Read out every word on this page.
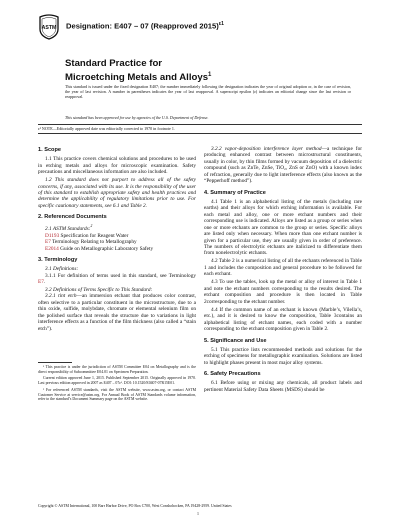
ASTM Designation: E407 – 07 (Reapproved 2015)$^{\varepsilon 1}$
Standard Practice for
Microetching Metals and Alloys$^1$

This standard is issued under the fixed designation E407; the number immediately following the designation indicates the year of original adoption or, in the case of revision, the year of last revision. A number in parentheses indicates the year of last reapproval. A superscript epsilon (ε) indicates an editorial change since the last revision or reapproval.

This standard has been approved for use by agencies of the U.S. Department of Defense.

ε¹ NOTE—Editorially approved date was editorially corrected to 1970 in footnote 1.

1. Scope

1.1 This practice covers chemical solutions and procedures to be used in etching metals and alloys for microscopic examination. Safety precautions and miscellaneous information are also included.

1.2 This standard does not purport to address all of the safety concerns, if any, associated with its use. It is the responsibility of the user of this standard to establish appropriate safety and health practices and determine the applicability of regulatory limitations prior to use. For specific cautionary statements, see 6.1 and Table 2.

2. Referenced Documents

2.1 ASTM Standards:$^2$

D1193 Specification for Reagent Water

E7 Terminology Relating to Metallography

E2014 Guide on Metallographic Laboratory Safety

3. Terminology

3.1 Definitions:

3.1.1 For definition of terms used in this standard, see Terminology E7.

3.2 Definitions of Terms Specific to This Standard:

3.2.1 tint etch—an immersion etchant that produces color contrast, often selective to a particular constituent in the microstructure, due to a thin oxide, sulfide, molybdate, chromate or elemental selenium film on the polished surface that reveals the structure due to variations in light interference effects as a function of the film thickness (also called a “stain etch”).

¹ This practice is under the jurisdiction of ASTM Committee E04 on Metallography and is the direct responsibility of Subcommittee E04.01 on Specimen Preparation.

Current edition approved June 1, 2015. Published September 2015. Originally approved in 1970. Last previous edition approved in 2007 as E407 – 07ε¹. DOI: 10.1520/E0407-07R15E01.

² For referenced ASTM standards, visit the ASTM website, www.astm.org, or contact ASTM Customer Service at service@astm.org. For Annual Book of ASTM Standards volume information, refer to the standard’s Document Summary page on the ASTM website.

3.2.2 vapor-deposition interference layer method—a technique for producing enhanced contrast between microstructural constituents, usually in color, by thin films formed by vacuum deposition of a dielectric compound (such as ZnTe, ZnSe, TiO₂, ZnS or ZnO) with a known index of refraction, generally due to light interference effects (also known as the “Pepperhoff method”).

4. Summary of Practice

4.1 Table 1 is an alphabetical listing of the metals (including rare earths) and their alloys for which etching information is available. For each metal and alloy, one or more etchant numbers and their corresponding use is indicated. Alloys are listed as a group or series when one or more etchants are common to the group or series. Specific alloys are listed only when necessary. When more than one etchant number is given for a particular use, they are usually given in order of preference. The numbers of electrolytic etchants are italicized to differentiate them from nonelectrolytic etchants.

4.2 Table 2 is a numerical listing of all the etchants referenced in Table 1 and includes the composition and general procedure to be followed for each etchant.

4.3 To use the tables, look up the metal or alloy of interest in Table 1 and note the etchant numbers corresponding to the results desired. The etchant composition and procedure is then located in Table 2corresponding to the etchant number.

4.4 If the common name of an etchant is known (Marble’s, Vilella’s, etc.), and it is desired to know the composition, Table 3contains an alphabetical listing of etchant names, each coded with a number corresponding to the etchant composition given in Table 2.

5. Significance and Use

5.1 This practice lists recommended methods and solutions for the etching of specimens for metallographic examination. Solutions are listed to highlight phases present in most major alloy systems.

6. Safety Precautions

6.1 Before using or mixing any chemicals, all product labels and pertinent Material Safety Data Sheets (MSDS) should be

Copyright © ASTM International, 100 Barr Harbor Drive, PO Box C700, West Conshohocken, PA 19428-2959. United States
1
